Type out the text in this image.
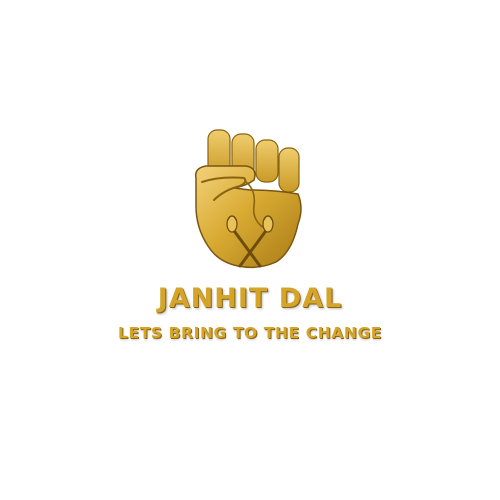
JANHIT DAL
LETS BRING TO THE CHANGE
